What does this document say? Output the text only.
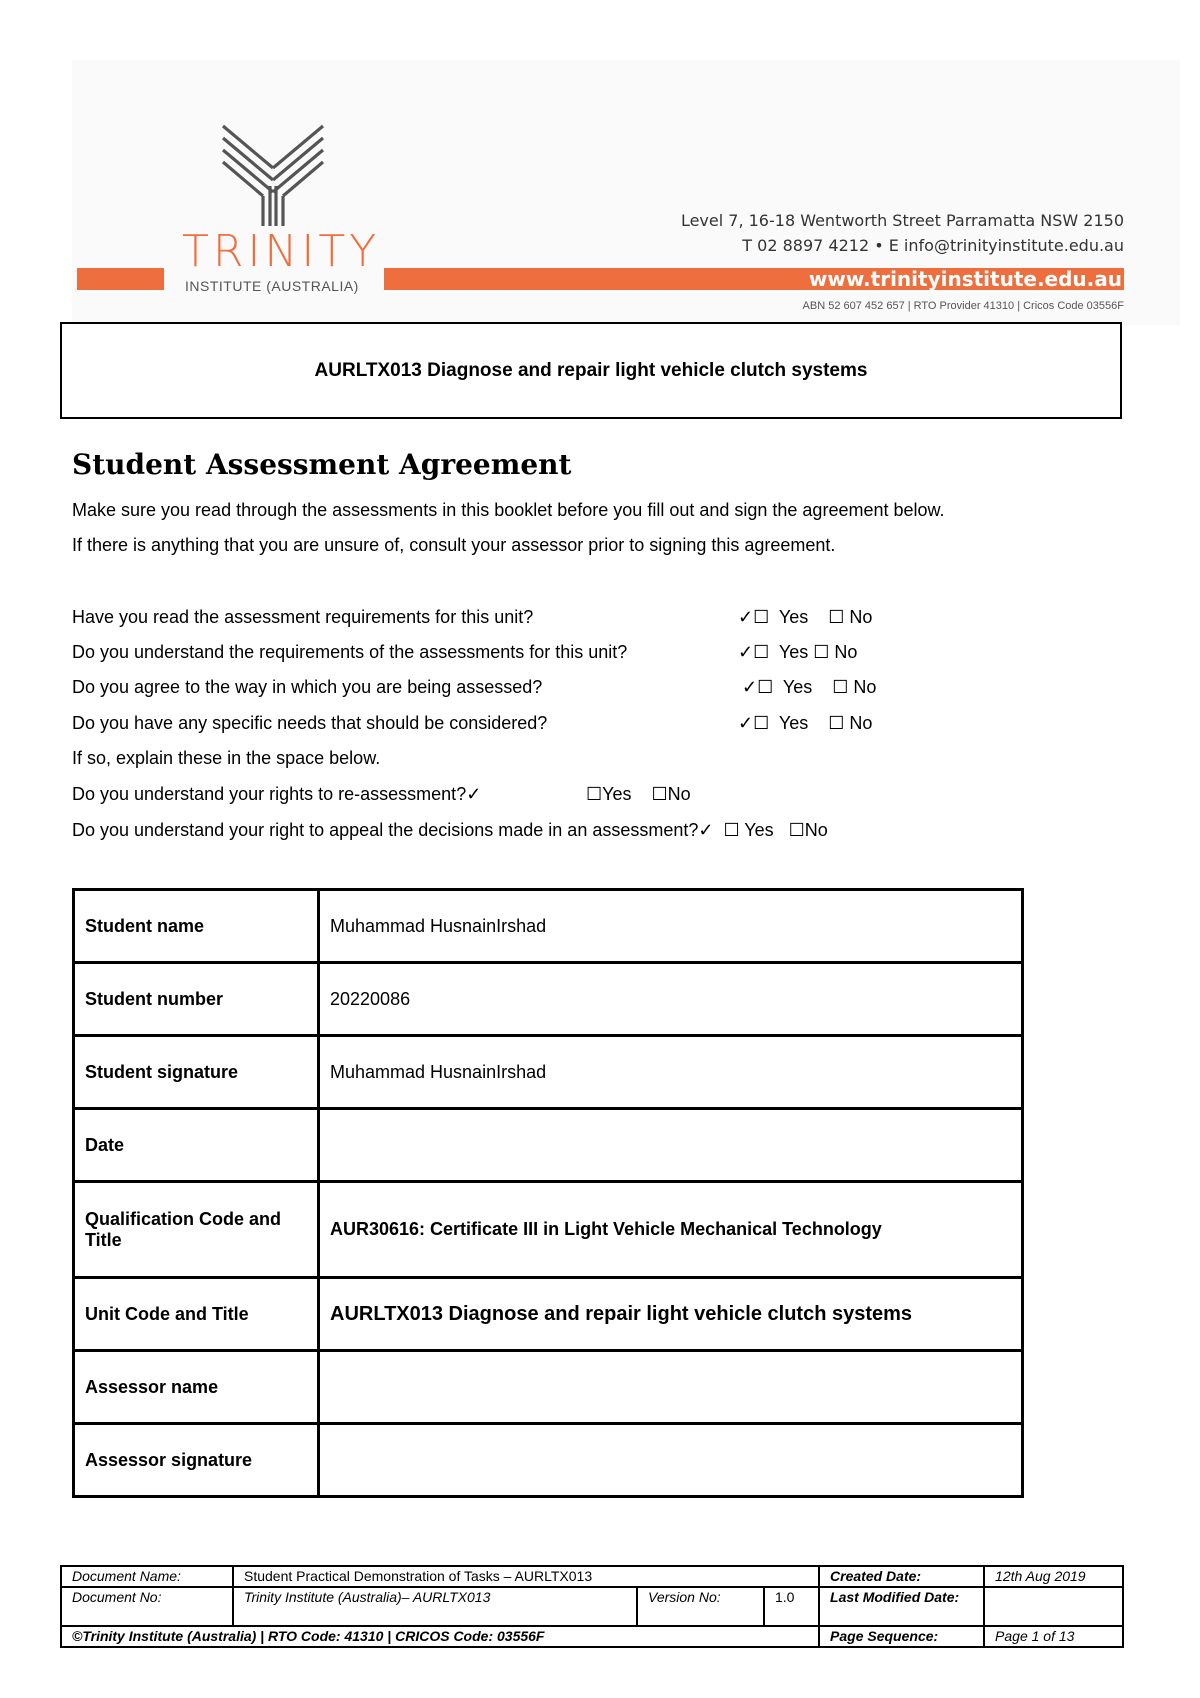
TRINITY
INSTITUTE (AUSTRALIA)
Level 7, 16-18 Wentworth Street Parramatta NSW 2150
T 02 8897 4212 • E info@trinityinstitute.edu.au
www.trinityinstitute.edu.au
ABN 52 607 452 657 | RTO Provider 41310 | Cricos Code 03556F
AURLTX013 Diagnose and repair light vehicle clutch systems
Student Assessment Agreement
Make sure you read through the assessments in this booklet before you fill out and sign the agreement below.
If there is anything that you are unsure of, consult your assessor prior to signing this agreement.
Have you read the assessment requirements for this unit?	✓☐  Yes    ☐ No
Do you understand the requirements of the assessments for this unit?	✓☐  Yes ☐ No
Do you agree to the way in which you are being assessed?	✓☐  Yes    ☐ No
Do you have any specific needs that should be considered?	✓☐  Yes    ☐ No
If so, explain these in the space below.
Do you understand your rights to re-assessment?✓	☐Yes    ☐No
Do you understand your right to appeal the decisions made in an assessment?✓  ☐ Yes   ☐No
Student name	Muhammad HusnainIrshad
Student number	20220086
Student signature	Muhammad HusnainIrshad
Date	
Qualification Code and Title	AUR30616: Certificate III in Light Vehicle Mechanical Technology
Unit Code and Title	AURLTX013 Diagnose and repair light vehicle clutch systems
Assessor name	
Assessor signature	
Document Name:	Student Practical Demonstration of Tasks – AURLTX013			Created Date:	12th Aug 2019
Document No:	Trinity Institute (Australia)– AURLTX013	Version No:	1.0	Last Modified Date:	
©Trinity Institute (Australia) | RTO Code: 41310 | CRICOS Code: 03556F				Page Sequence:	Page 1 of 13
